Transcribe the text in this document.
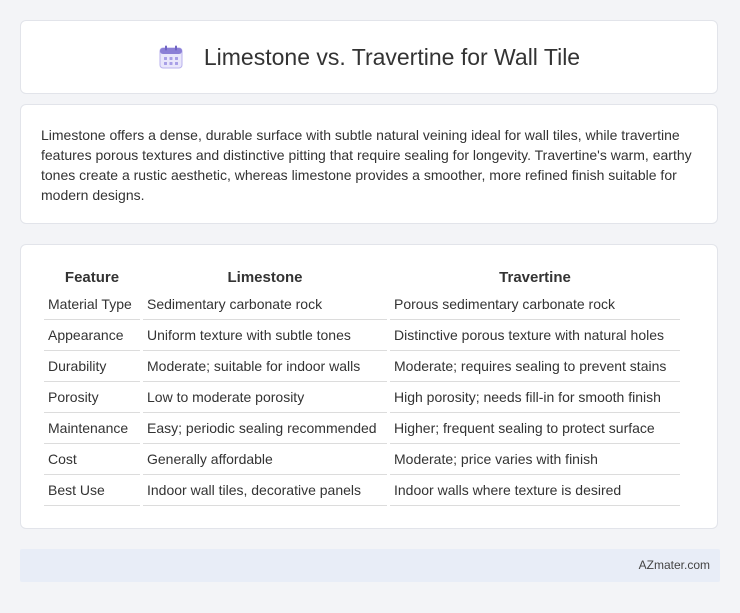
Limestone vs. Travertine for Wall Tile

Limestone offers a dense, durable surface with subtle natural veining ideal for wall tiles, while travertine features porous textures and distinctive pitting that require sealing for longevity. Travertine's warm, earthy tones create a rustic aesthetic, whereas limestone provides a smoother, more refined finish suitable for modern designs.

Feature	Limestone	Travertine
Material Type	Sedimentary carbonate rock	Porous sedimentary carbonate rock
Appearance	Uniform texture with subtle tones	Distinctive porous texture with natural holes
Durability	Moderate; suitable for indoor walls	Moderate; requires sealing to prevent stains
Porosity	Low to moderate porosity	High porosity; needs fill-in for smooth finish
Maintenance	Easy; periodic sealing recommended	Higher; frequent sealing to protect surface
Cost	Generally affordable	Moderate; price varies with finish
Best Use	Indoor wall tiles, decorative panels	Indoor walls where texture is desired
AZmater.com
